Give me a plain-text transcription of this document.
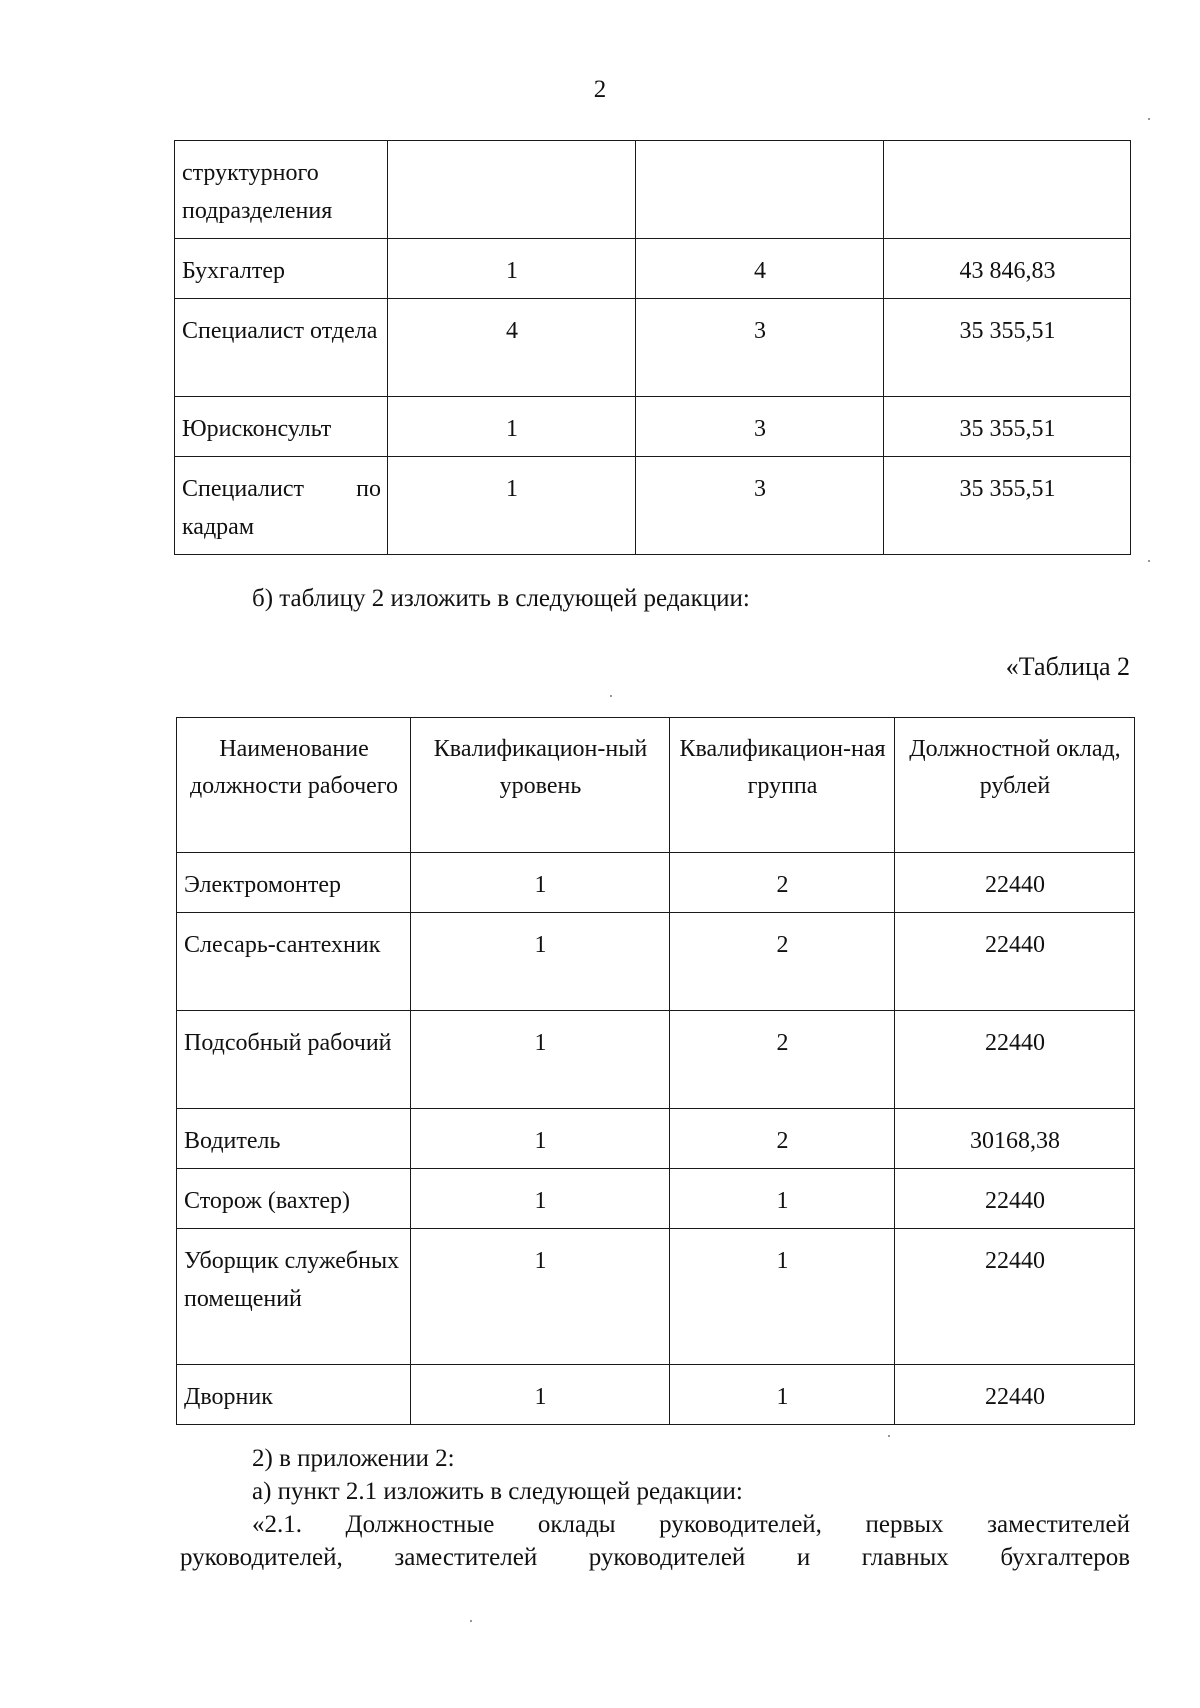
2
структурного подразделения			
Бухгалтер	1	4	43 846,83
Специалист отдела	4	3	35 355,51
Юрисконсульт	1	3	35 355,51
Специалист по кадрам	1	3	35 355,51
б) таблицу 2 изложить в следующей редакции:
«Таблица 2
Наименование должности рабочего	Квалификацион-ный уровень	Квалификацион-ная группа	Должностной оклад, рублей
Электромонтер	1	2	22440
Слесарь-сантехник	1	2	22440
Подсобный рабочий	1	2	22440
Водитель	1	2	30168,38
Сторож (вахтер)	1	1	22440
Уборщик служебных помещений	1	1	22440
Дворник	1	1	22440
2) в приложении 2:
а) пункт 2.1 изложить в следующей редакции:
«2.1. Должностные оклады руководителей, первых заместителей
руководителей, заместителей руководителей и главных бухгалтеров
